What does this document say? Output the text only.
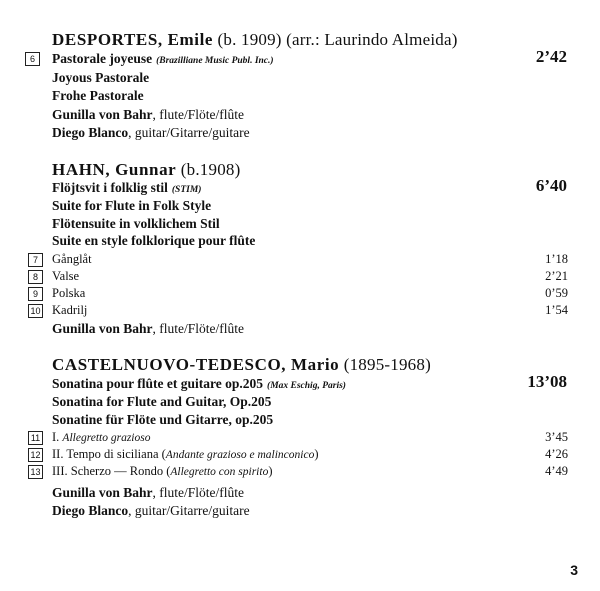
DESPORTES, Emile (b. 1909) (arr.: Laurindo Almeida)
6	Pastorale joyeuse (Brazilliane Music Publ. Inc.)	2’42
Joyous Pastorale
Frohe Pastorale
Gunilla von Bahr, flute/Flöte/flûte
Diego Blanco, guitar/Gitarre/guitare
HAHN, Gunnar (b.1908)
Flöjtsvit i folklig stil (STIM)	6’40
Suite for Flute in Folk Style
Flötensuite in volklichem Stil
Suite en style folklorique pour flûte
7	Gånglåt	1’18
8	Valse	2’21
9	Polska	0’59
10 Kadrilj	1’54
Gunilla von Bahr, flute/Flöte/flûte
CASTELNUOVO-TEDESCO, Mario (1895-1968)
Sonatina pour flûte et guitare op.205 (Max Eschig, Paris)	13’08
Sonatina for Flute and Guitar, Op.205
Sonatine für Flöte und Gitarre, op.205
11 I. Allegretto grazioso	3’45
12 II. Tempo di siciliana (Andante grazioso e malinconico)	4’26
13 III. Scherzo — Rondo (Allegretto con spirito)	4’49
Gunilla von Bahr, flute/Flöte/flûte
Diego Blanco, guitar/Gitarre/guitare
3
